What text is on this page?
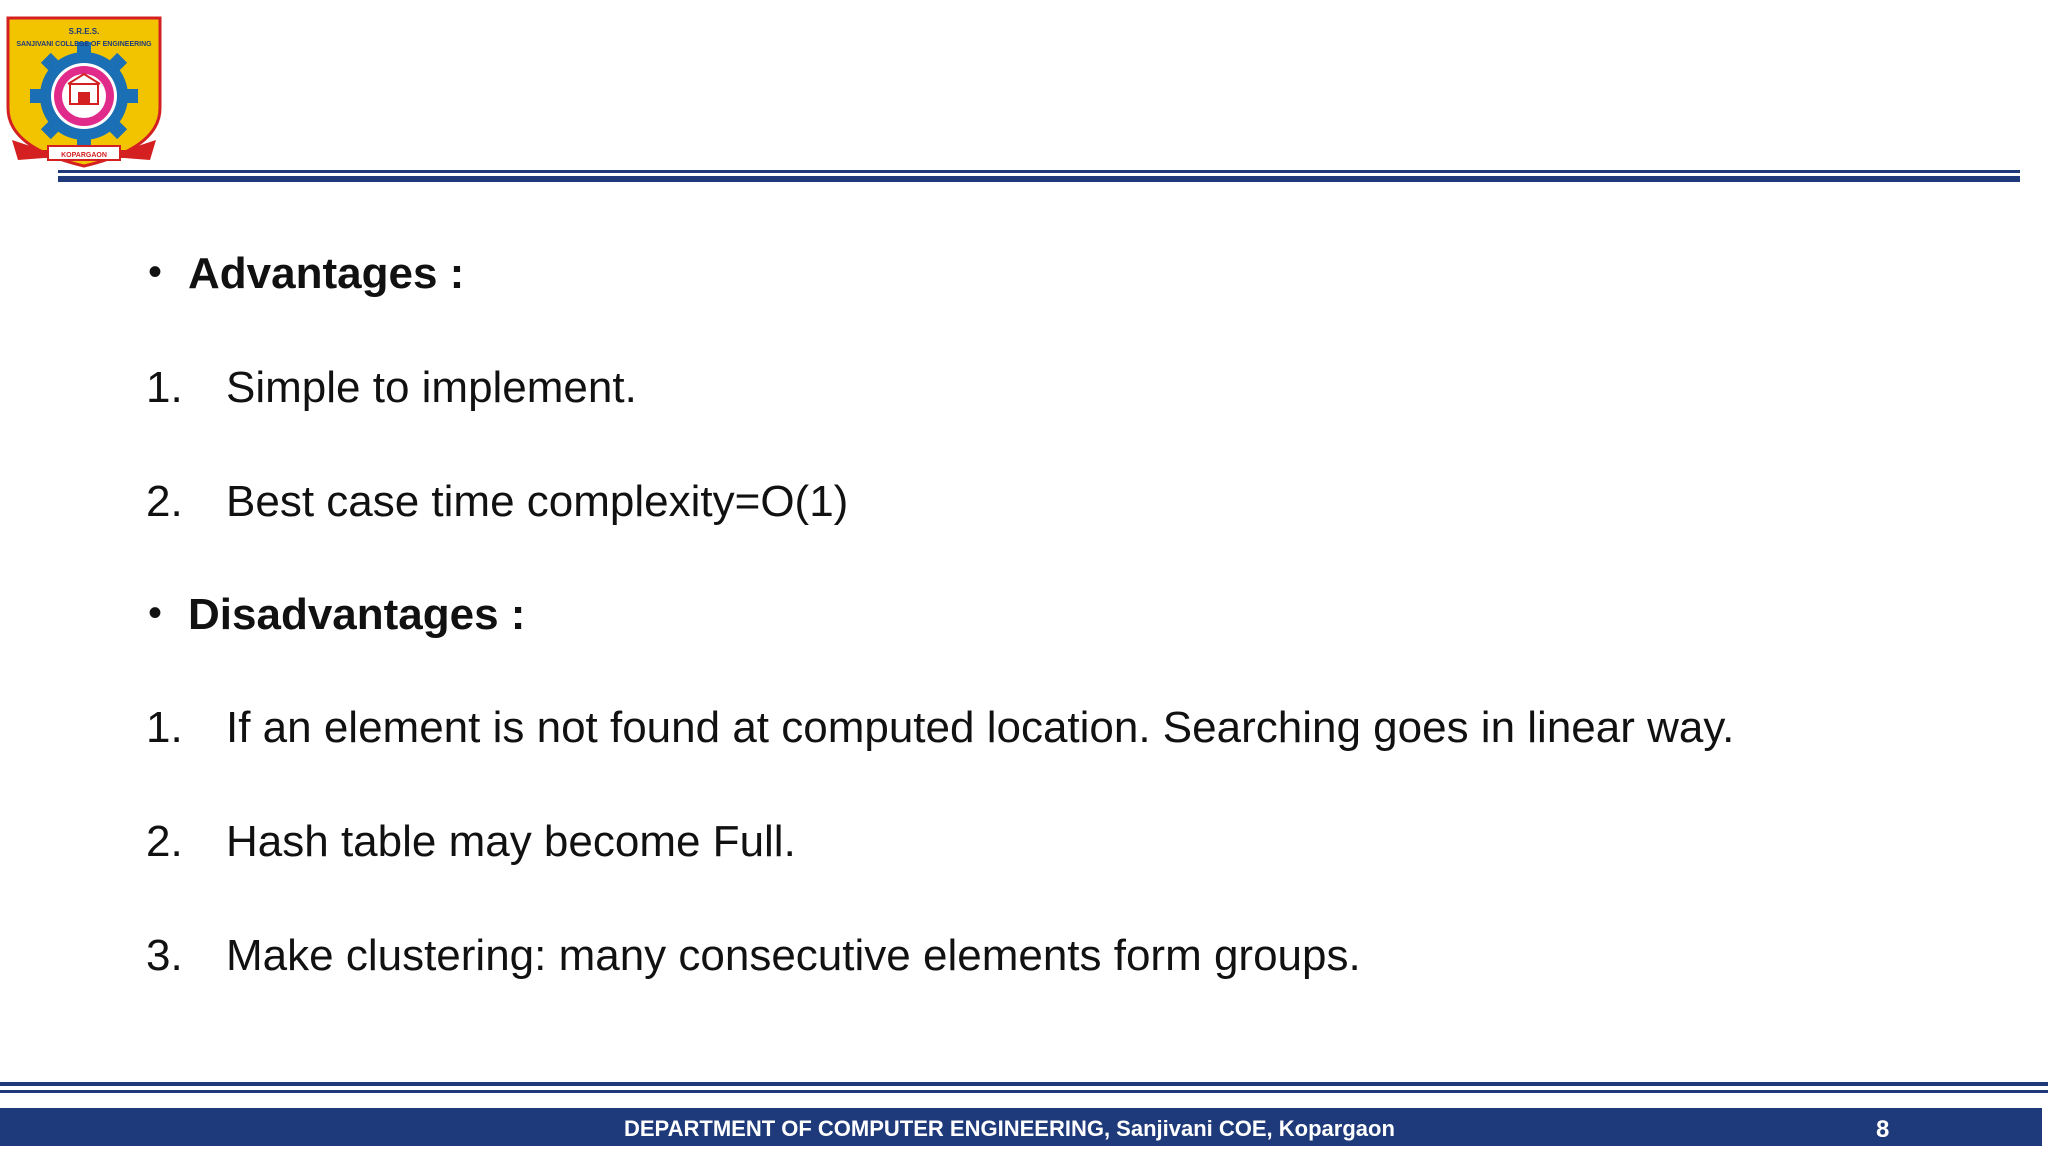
S.R.E.S.
SANJIVANI COLLEGE OF ENGINEERING
KOPARGAON
• Advantages :
1. Simple to implement.
2. Best case time complexity=O(1)
• Disadvantages :
1. If an element is not found at computed location. Searching goes in linear way.
2. Hash table may become Full.
3. Make clustering: many consecutive elements form groups.
DEPARTMENT OF COMPUTER ENGINEERING, Sanjivani COE, Kopargaon	8
